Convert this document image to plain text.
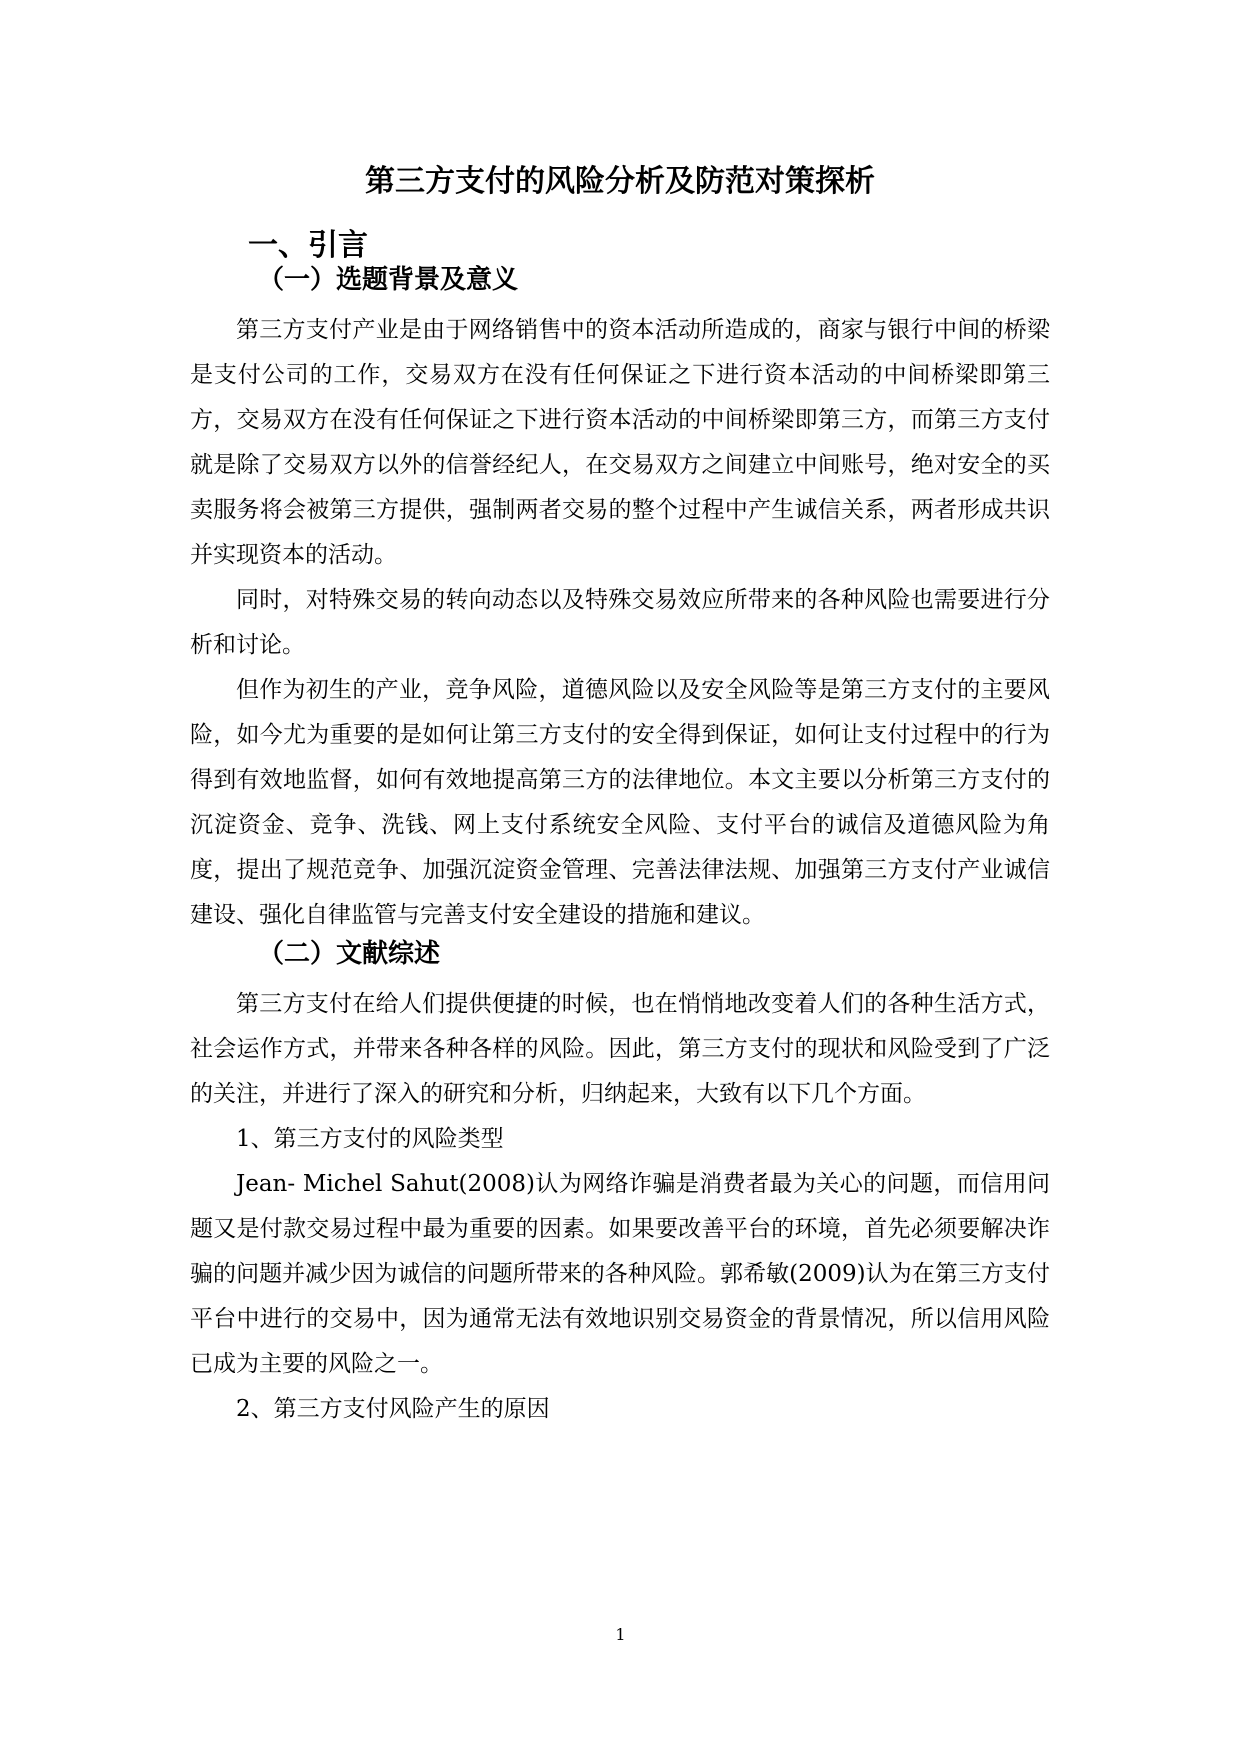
第三方支付的风险分析及防范对策探析
一、引言
（一）选题背景及意义

第三方支付产业是由于网络销售中的资本活动所造成的，商家与银行中间的桥梁是支付公司的工作，交易双方在没有任何保证之下进行资本活动的中间桥梁即第三方，交易双方在没有任何保证之下进行资本活动的中间桥梁即第三方，而第三方支付就是除了交易双方以外的信誉经纪人，在交易双方之间建立中间账号，绝对安全的买卖服务将会被第三方提供，强制两者交易的整个过程中产生诚信关系，两者形成共识并实现资本的活动。

同时，对特殊交易的转向动态以及特殊交易效应所带来的各种风险也需要进行分析和讨论。

但作为初生的产业，竞争风险，道德风险以及安全风险等是第三方支付的主要风险，如今尤为重要的是如何让第三方支付的安全得到保证，如何让支付过程中的行为得到有效地监督，如何有效地提高第三方的法律地位。本文主要以分析第三方支付的沉淀资金、竞争、洗钱、网上支付系统安全风险、支付平台的诚信及道德风险为角度，提出了规范竞争、加强沉淀资金管理、完善法律法规、加强第三方支付产业诚信建设、强化自律监管与完善支付安全建设的措施和建议。

（二）文献综述

第三方支付在给人们提供便捷的时候，也在悄悄地改变着人们的各种生活方式，社会运作方式，并带来各种各样的风险。因此，第三方支付的现状和风险受到了广泛的关注，并进行了深入的研究和分析，归纳起来，大致有以下几个方面。

1、第三方支付的风险类型

Jean- Michel Sahut(2008)认为网络诈骗是消费者最为关心的问题，而信用问题又是付款交易过程中最为重要的因素。如果要改善平台的环境，首先必须要解决诈骗的问题并减少因为诚信的问题所带来的各种风险。郭希敏(2009)认为在第三方支付平台中进行的交易中，因为通常无法有效地识别交易资金的背景情况，所以信用风险已成为主要的风险之一。

2、第三方支付风险产生的原因

1
